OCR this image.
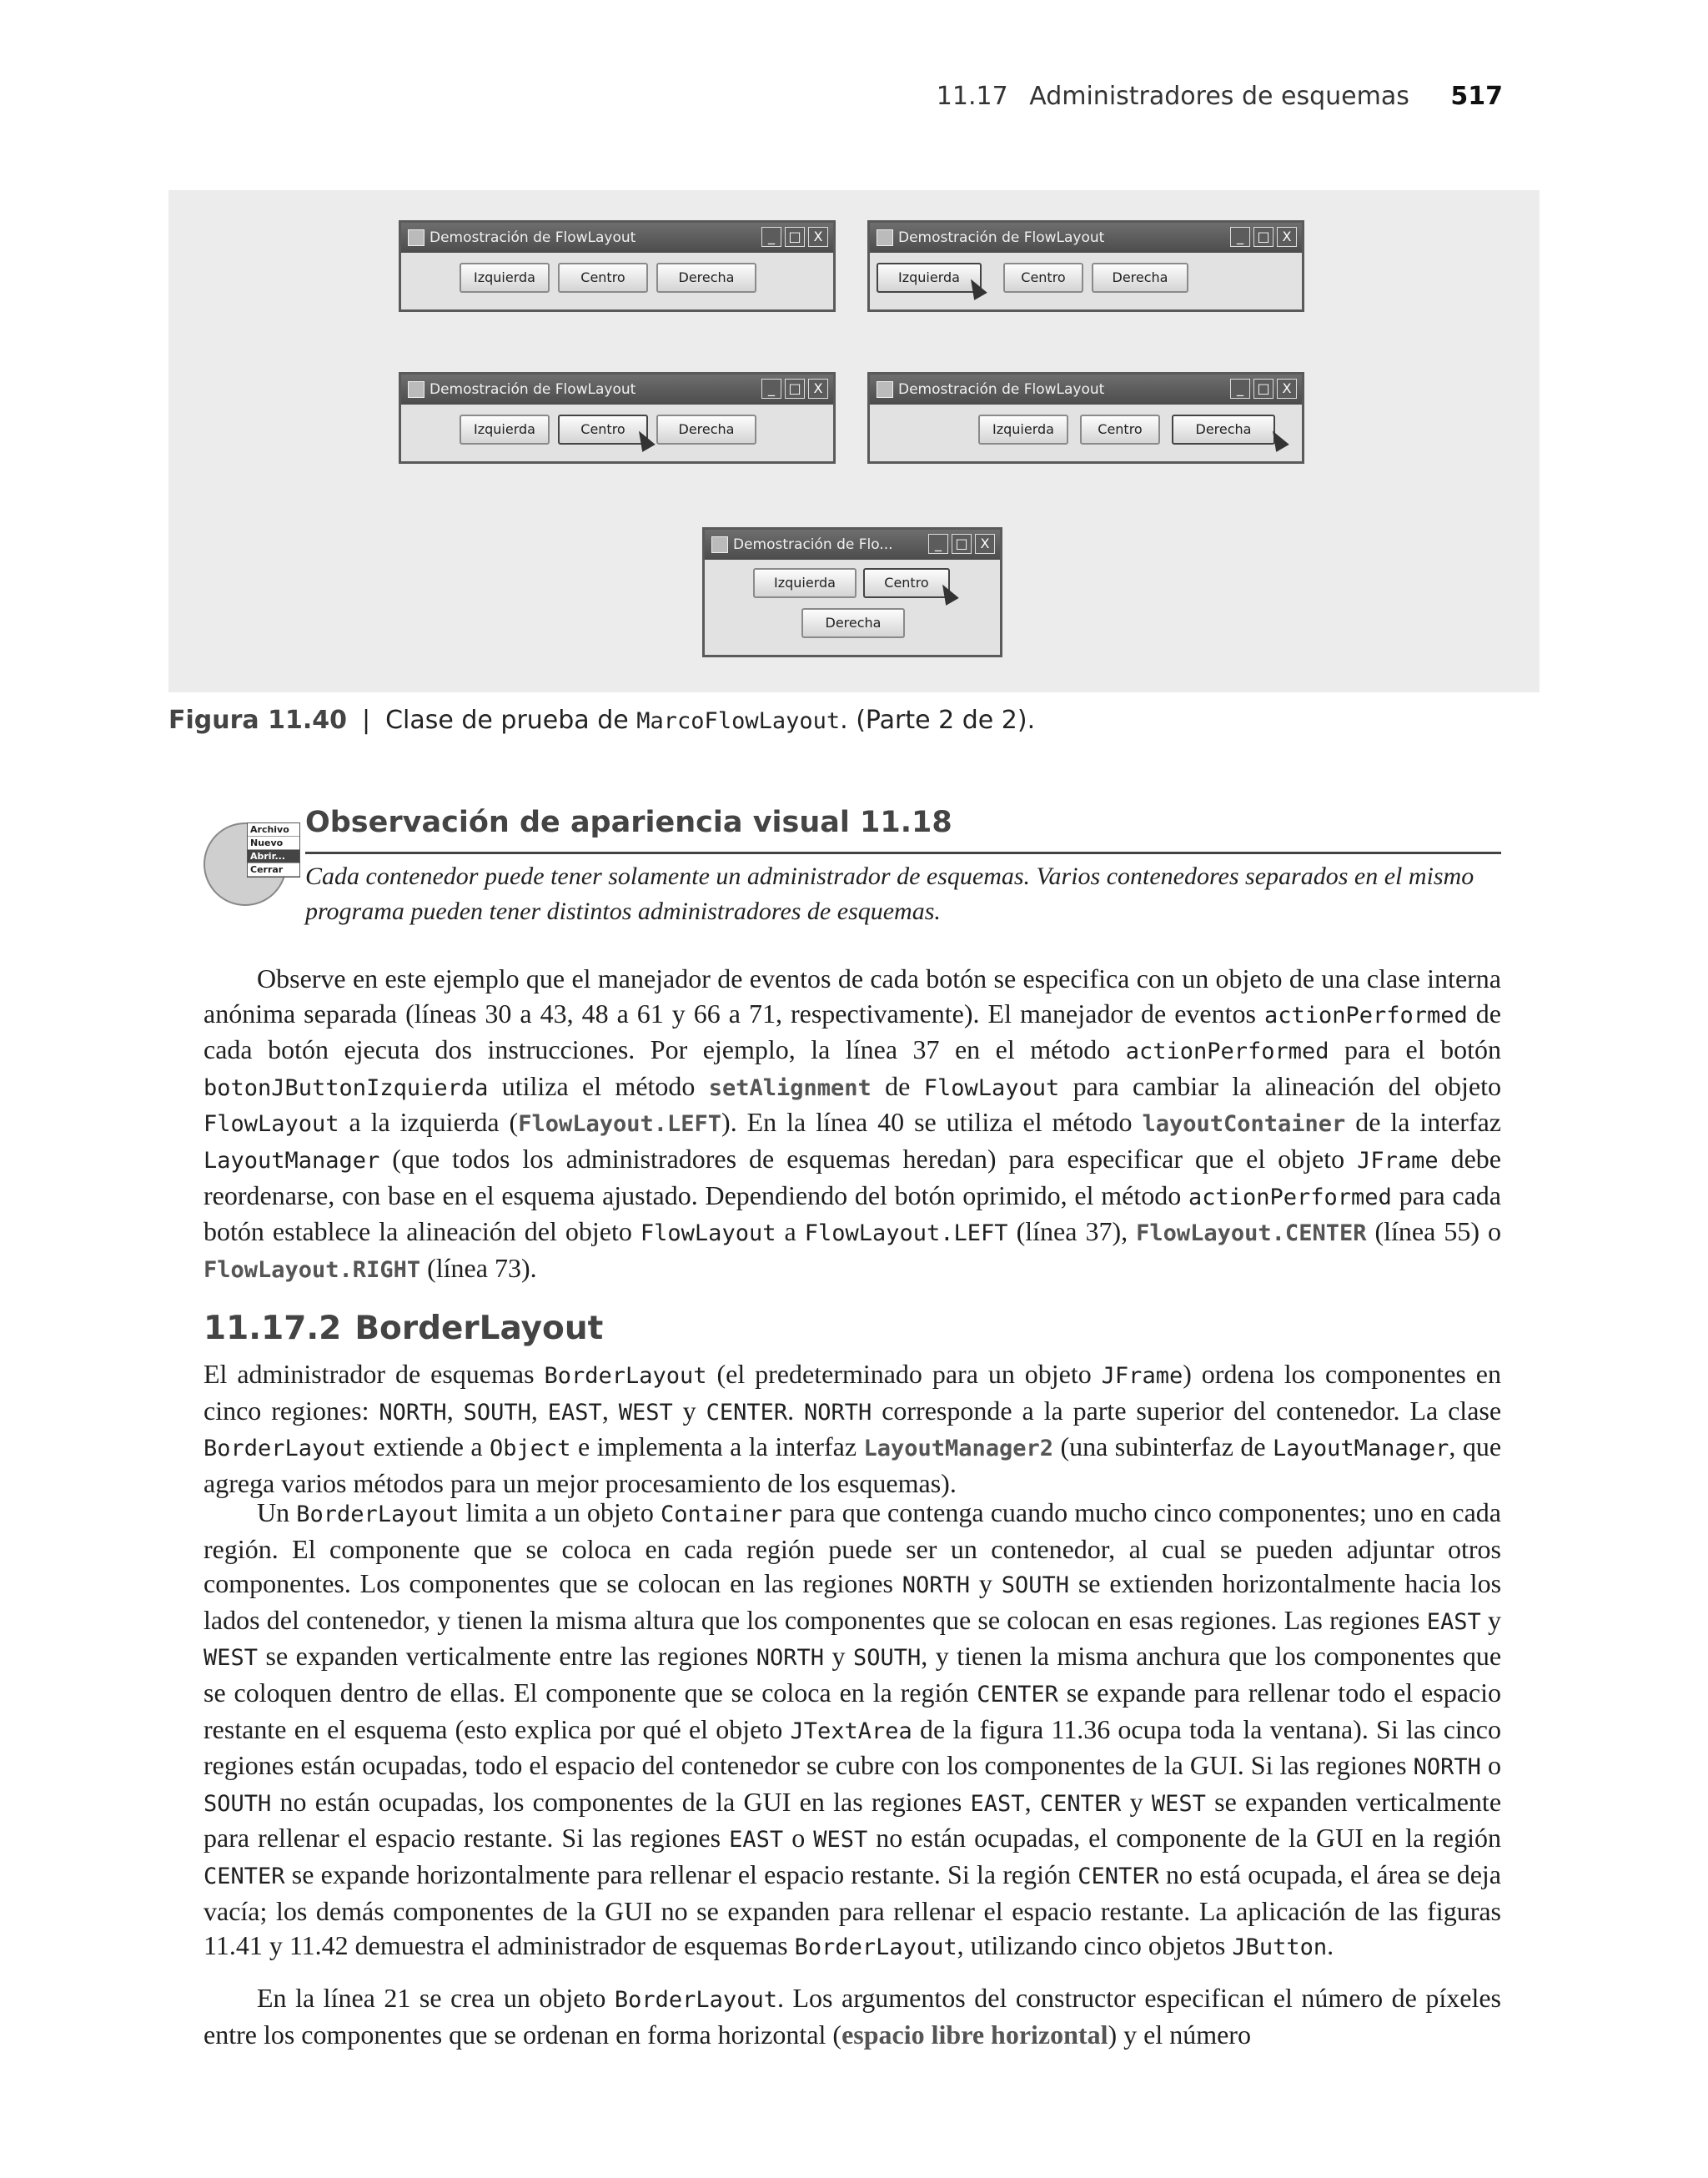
11.17 Administradores de esquemas 517
Demostración de FlowLayout	_	□ X
Izquierda	Centro	Derecha
Demostración de FlowLayout	_	□ X
Izquierda	Centro	Derecha
Demostración de FlowLayout	_	□ X
Izquierda	Centro	Derecha
Demostración de FlowLayout	_	□ X
Izquierda	Centro	Derecha
Demostración de Flo...	_	□ X
Izquierda	Centro
Derecha
Figura 11.40 | Clase de prueba de MarcoFlowLayout. (Parte 2 de 2).
Archivo
Nuevo
Abrir...
Cerrar
Observación de apariencia visual 11.18
Cada contenedor puede tener solamente un administrador de esquemas. Varios contenedores separados en el mismo programa pueden tener distintos administradores de esquemas.
Observe en este ejemplo que el manejador de eventos de cada botón se especifica con un objeto de una clase interna anónima separada (líneas 30 a 43, 48 a 61 y 66 a 71, respectivamente). El manejador de eventos actionPerformed de cada botón ejecuta dos instrucciones. Por ejemplo, la línea 37 en el método actionPerformed para el botón botonJButtonIzquierda utiliza el método setAlignment de FlowLayout para cambiar la alineación del objeto FlowLayout a la izquierda (FlowLayout.LEFT). En la línea 40 se utiliza el método layoutContainer de la interfaz LayoutManager (que todos los administradores de esquemas heredan) para especificar que el objeto JFrame debe reordenarse, con base en el esquema ajustado. Dependiendo del botón oprimido, el método actionPerformed para cada botón establece la alineación del objeto FlowLayout a FlowLayout.LEFT (línea 37), FlowLayout.CENTER (línea 55) o FlowLayout.RIGHT (línea 73).
11.17.2 BorderLayout
El administrador de esquemas BorderLayout (el predeterminado para un objeto JFrame) ordena los componentes en cinco regiones: NORTH, SOUTH, EAST, WEST y CENTER. NORTH corresponde a la parte superior del contenedor. La clase BorderLayout extiende a Object e implementa a la interfaz LayoutManager2 (una subinterfaz de LayoutManager, que agrega varios métodos para un mejor procesamiento de los esquemas).
Un BorderLayout limita a un objeto Container para que contenga cuando mucho cinco componentes; uno en cada región. El componente que se coloca en cada región puede ser un contenedor, al cual se pueden adjuntar otros componentes. Los componentes que se colocan en las regiones NORTH y SOUTH se extienden horizontalmente hacia los lados del contenedor, y tienen la misma altura que los componentes que se colocan en esas regiones. Las regiones EAST y WEST se expanden verticalmente entre las regiones NORTH y SOUTH, y tienen la misma anchura que los componentes que se coloquen dentro de ellas. El componente que se coloca en la región CENTER se expande para rellenar todo el espacio restante en el esquema (esto explica por qué el objeto JTextArea de la figura 11.36 ocupa toda la ventana). Si las cinco regiones están ocupadas, todo el espacio del contenedor se cubre con los componentes de la GUI. Si las regiones NORTH o SOUTH no están ocupadas, los componentes de la GUI en las regiones EAST, CENTER y WEST se expanden verticalmente para rellenar el espacio restante. Si las regiones EAST o WEST no están ocupadas, el componente de la GUI en la región CENTER se expande horizontalmente para rellenar el espacio restante. Si la región CENTER no está ocupada, el área se deja vacía; los demás componentes de la GUI no se expanden para rellenar el espacio restante. La aplicación de las figuras 11.41 y 11.42 demuestra el administrador de esquemas BorderLayout, utilizando cinco objetos JButton.
En la línea 21 se crea un objeto BorderLayout. Los argumentos del constructor especifican el número de píxeles entre los componentes que se ordenan en forma horizontal (espacio libre horizontal) y el número
